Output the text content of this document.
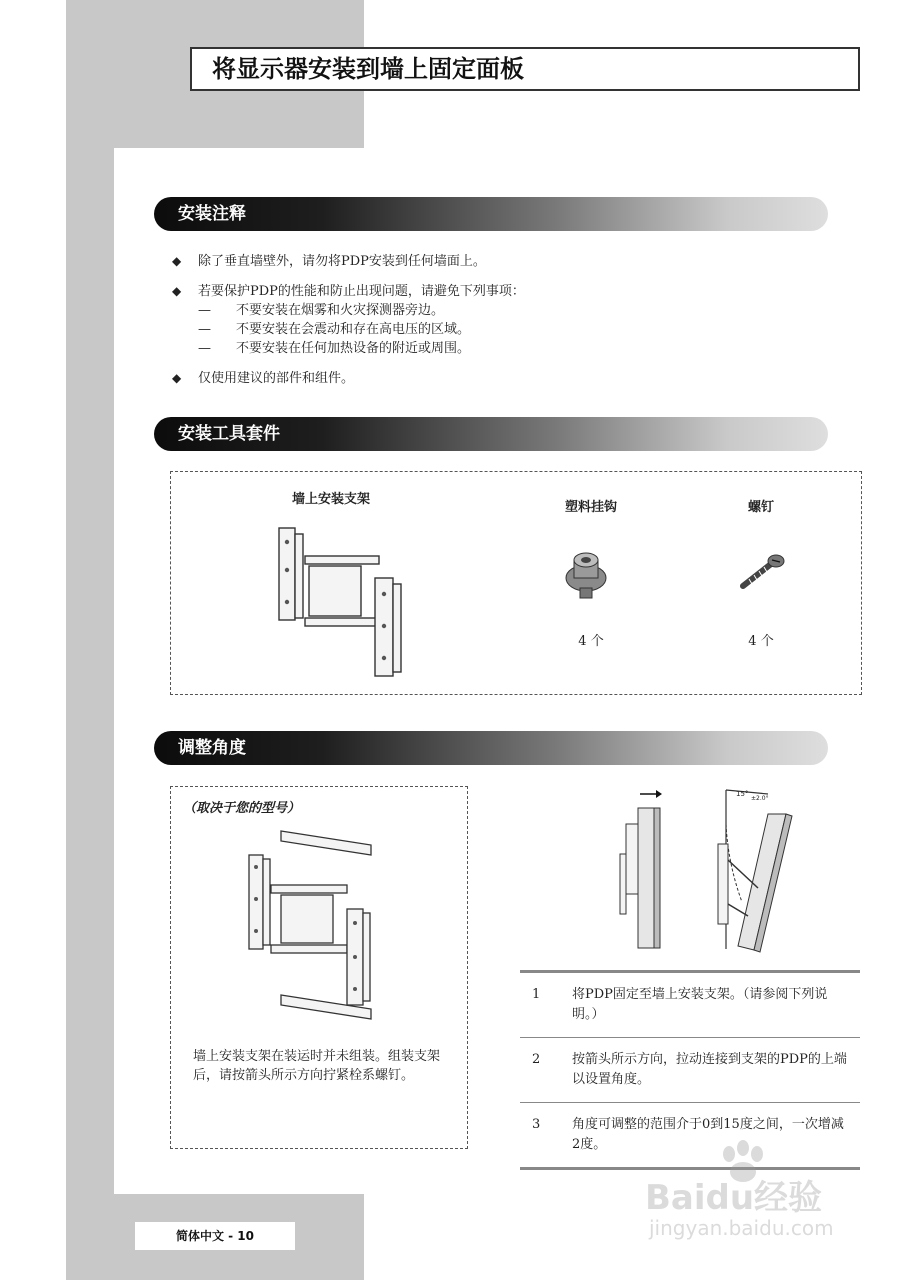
将显示器安装到墙上固定面板
安装注释
◆ 除了垂直墙壁外，请勿将PDP安装到任何墙面上。
◆ 若要保护PDP的性能和防止出现问题，请避免下列事项：
— 不要安装在烟雾和火灾探测器旁边。
— 不要安装在会震动和存在高电压的区域。
— 不要安装在任何加热设备的附近或周围。
◆ 仅使用建议的部件和组件。
安装工具套件
墙上安装支架
塑料挂钩	螺钉
4 个	4 个
调整角度
（取决于您的型号）
墙上安装支架在装运时并未组装。组装支架后，请按箭头所示方向拧紧栓系螺钉。
15°
±2.0°
1 将PDP固定至墙上安装支架。（请参阅下列说明。）
2 按箭头所示方向，拉动连接到支架的PDP的上端以设置角度。
3 角度可调整的范围介于0到15度之间，一次增减2度。
简体中文 - 10
Baidu经验
jingyan.baidu.com
